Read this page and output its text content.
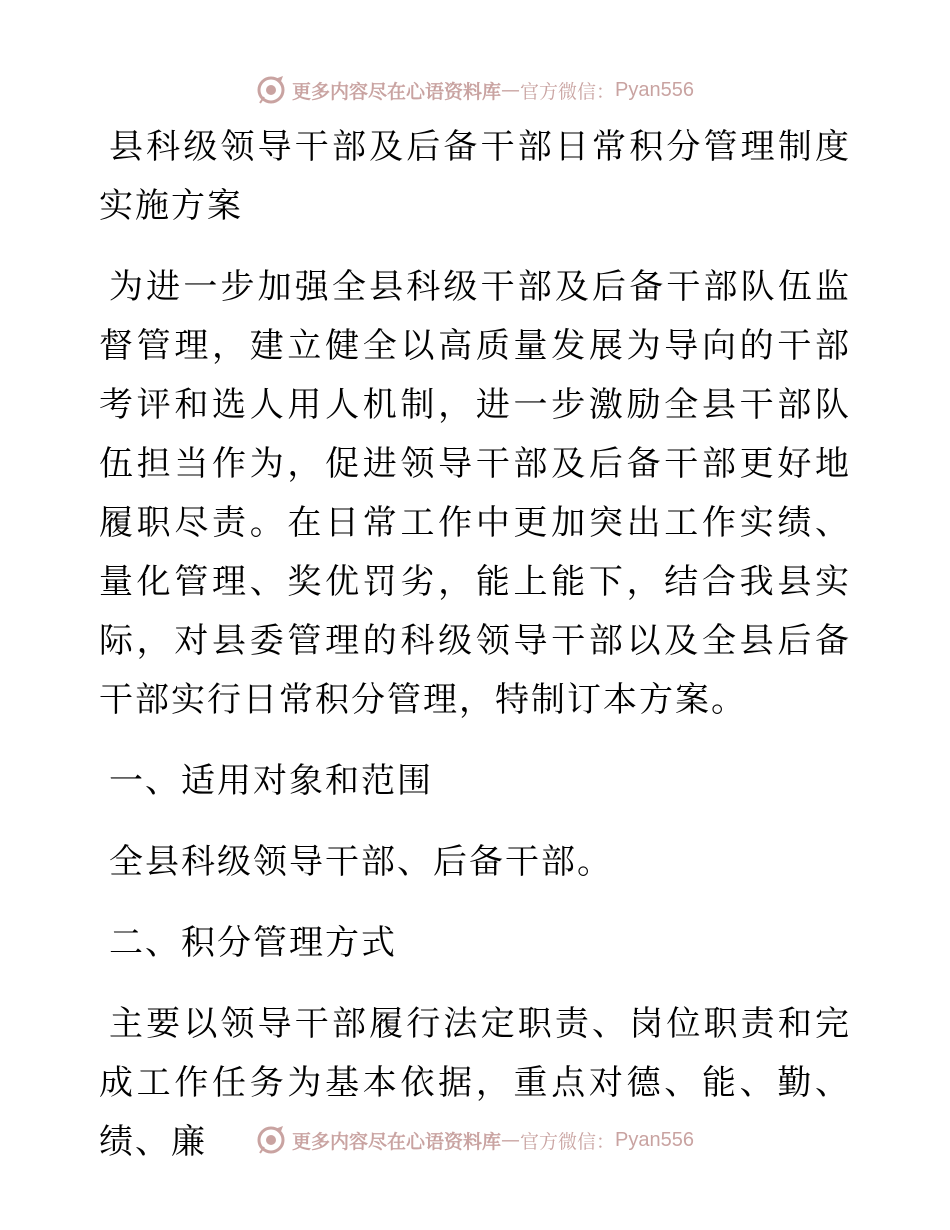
更多内容尽在心语资料库 — 官方微信： Pyan556

县科级领导干部及后备干部日常积分管理制度实施方案

为进一步加强全县科级干部及后备干部队伍监督管理，建立健全以高质量发展为导向的干部考评和选人用人机制，进一步激励全县干部队伍担当作为，促进领导干部及后备干部更好地履职尽责。在日常工作中更加突出工作实绩、量化管理、奖优罚劣，能上能下，结合我县实际，对县委管理的科级领导干部以及全县后备干部实行日常积分管理，特制订本方案。

一、适用对象和范围

全县科级领导干部、后备干部。

二、积分管理方式

主要以领导干部履行法定职责、岗位职责和完成工作任务为基本依据，重点对德、能、勤、绩、廉	更多内容尽在心语资料库 — 官方微信： Pyan556
